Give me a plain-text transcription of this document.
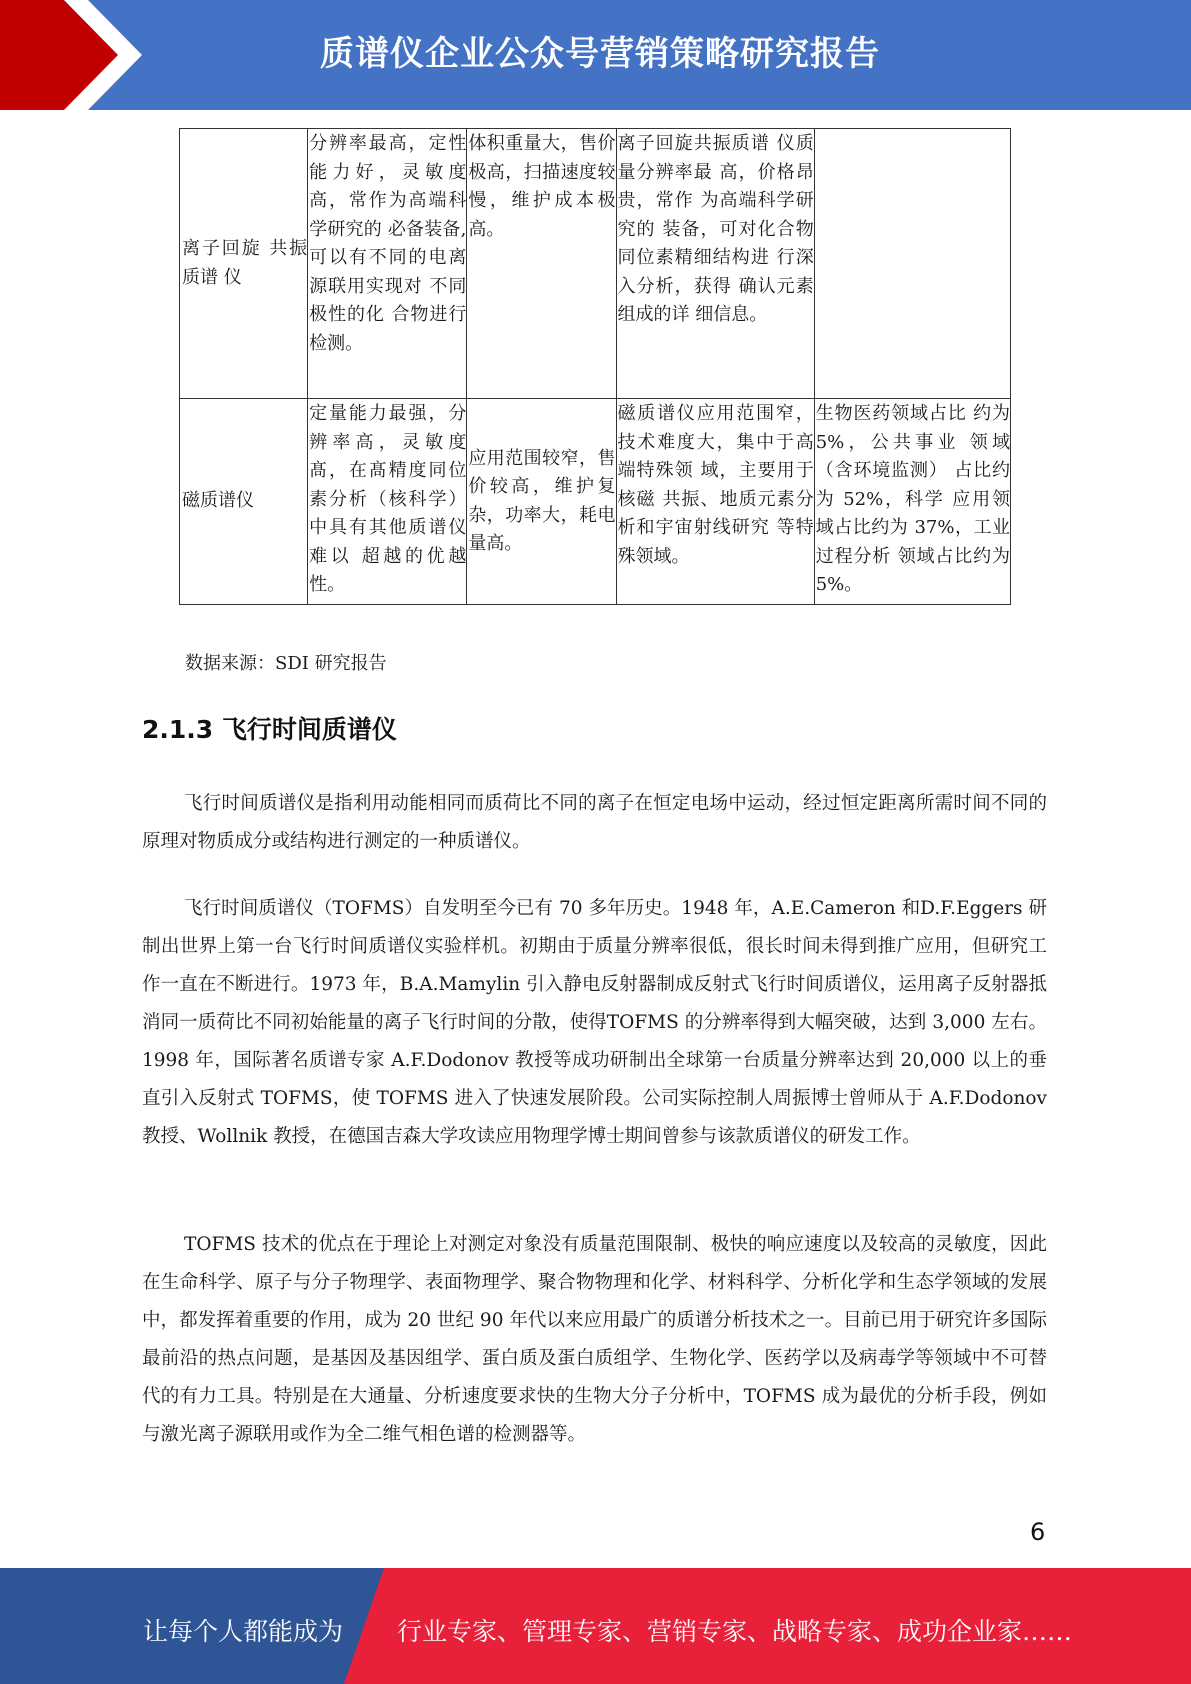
质谱仪企业公众号营销策略研究报告
离子回旋 共振质谱 仪	分辨率最高，定性能力好，灵敏度高，常作为高端科学研究的 必备装备,可以有不同的电离 源联用实现对 不同极性的化 合物进行检测。	体积重量大，售价极高，扫描速度较慢，维护成本极 高。	离子回旋共振质谱 仪质量分辨率最 高，价格昂贵，常作 为高端科学研究的 装备，可对化合物同位素精细结构进 行深入分析，获得 确认元素组成的详 细信息。	
磁质谱仪	定量能力最强，分辨率高，灵敏度髙，在髙精度同位素分析（核科学）中具有其他质谱仪难以 超越的优越性。	应用范围较窄，售价较高，维护复杂，功率大，耗电量高。	磁质谱仪应用范围窄，技术难度大，集中于高端特殊领 域，主要用于核磁 共振、地质元素分 析和宇宙射线研究 等特殊领域。	生物医药领域占比 约为 5%，公共事业 领域（含环境监测） 占比约为 52%，科学 应用领域占比约为 37%，工业过程分析 领域占比约为 5%。
数据来源：SDI 研究报告
2.1.3 飞行时间质谱仪

飞行时间质谱仪是指利用动能相同而质荷比不同的离子在恒定电场中运动，经过恒定距离所需时间不同的原理对物质成分或结构进行测定的一种质谱仪。

飞行时间质谱仪（TOFMS）自发明至今已有 70 多年历史。1948 年，A.E.Cameron 和D.F.Eggers 研制出世界上第一台飞行时间质谱仪实验样机。初期由于质量分辨率很低，很长时间未得到推广应用，但研究工作一直在不断进行。1973 年，B.A.Mamylin 引入静电反射器制成反射式飞行时间质谱仪，运用离子反射器抵消同一质荷比不同初始能量的离子飞行时间的分散，使得TOFMS 的分辨率得到大幅突破，达到 3,000 左右。1998 年，国际著名质谱专家 A.F.Dodonov 教授等成功研制出全球第一台质量分辨率达到 20,000 以上的垂直引入反射式 TOFMS，使 TOFMS 进入了快速发展阶段。公司实际控制人周振博士曾师从于 A.F.Dodonov 教授、Wollnik 教授，在德国吉森大学攻读应用物理学博士期间曾参与该款质谱仪的研发工作。

TOFMS 技术的优点在于理论上对测定对象没有质量范围限制、极快的响应速度以及较高的灵敏度，因此在生命科学、原子与分子物理学、表面物理学、聚合物物理和化学、材料科学、分析化学和生态学领域的发展中，都发挥着重要的作用，成为 20 世纪 90 年代以来应用最广的质谱分析技术之一。目前已用于研究许多国际最前沿的热点问题，是基因及基因组学、蛋白质及蛋白质组学、生物化学、医药学以及病毒学等领域中不可替代的有力工具。特别是在大通量、分析速度要求快的生物大分子分析中，TOFMS 成为最优的分析手段，例如与激光离子源联用或作为全二维气相色谱的检测器等。

6
让每个人都能成为 行业专家、管理专家、营销专家、战略专家、成功企业家……
